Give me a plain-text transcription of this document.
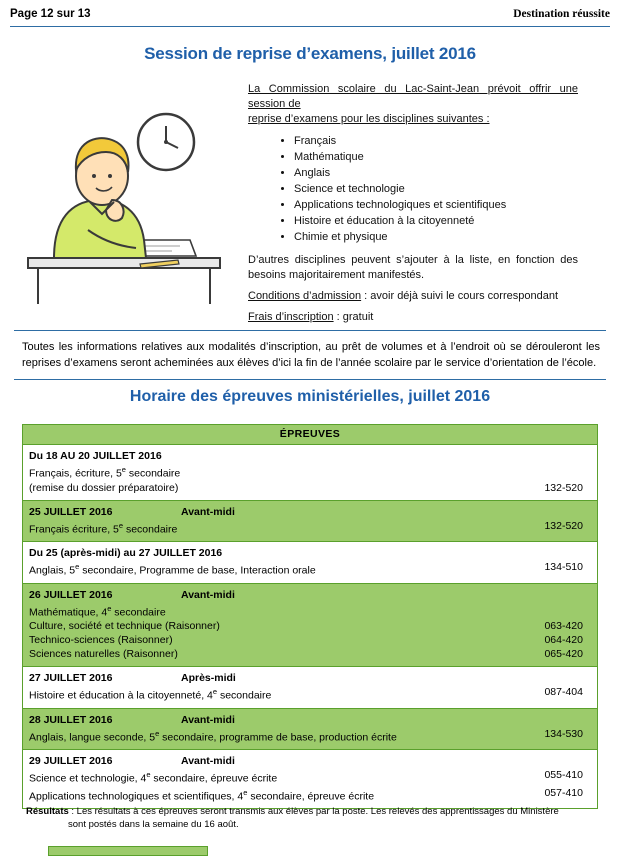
Page 12 sur 13	Destination réussite
Session de reprise d’examens, juillet 2016

La Commission scolaire du Lac-Saint-Jean prévoit offrir une session de
reprise d’examens pour les disciplines suivantes :

• Français
• Mathématique
• Anglais
• Science et technologie
• Applications technologiques et scientifiques
• Histoire et éducation à la citoyenneté
• Chimie et physique

D’autres disciplines peuvent s’ajouter à la liste, en fonction des besoins majoritairement manifestés.

Conditions d’admission : avoir déjà suivi le cours correspondant

Frais d’inscription : gratuit

Toutes les informations relatives aux modalités d’inscription, au prêt de volumes et à l’endroit où se dérouleront les reprises d’examens seront acheminées aux élèves d’ici la fin de l’année scolaire par le service d’orientation de l’école.
Horaire des épreuves ministérielles, juillet 2016
ÉPREUVES
Du 18 AU 20 JUILLET 2016
Français, écriture, 5e secondaire
(remise du dossier préparatoire)	132-520
25 JUILLET 2016	Avant-midi
Français écriture, 5e secondaire	132-520
Du 25 (après-midi) au 27 JUILLET 2016
Anglais, 5e secondaire, Programme de base, Interaction orale	134-510
26 JUILLET 2016	Avant-midi
Mathématique, 4e secondaire
Culture, société et technique (Raisonner)	063-420
Technico-sciences (Raisonner)	064-420
Sciences naturelles (Raisonner)	065-420
27 JUILLET 2016	Après-midi
Histoire et éducation à la citoyenneté, 4e secondaire	087-404
28 JUILLET 2016	Avant-midi
Anglais, langue seconde, 5e secondaire, programme de base, production écrite	134-530
29 JUILLET 2016	Avant-midi
Science et technologie, 4e secondaire, épreuve écrite	055-410
Applications technologiques et scientifiques, 4e secondaire, épreuve écrite	057-410
Résultats : Les résultats à ces épreuves seront transmis aux élèves par la poste. Les relevés des apprentissages du Ministère
sont postés dans la semaine du 16 août.
